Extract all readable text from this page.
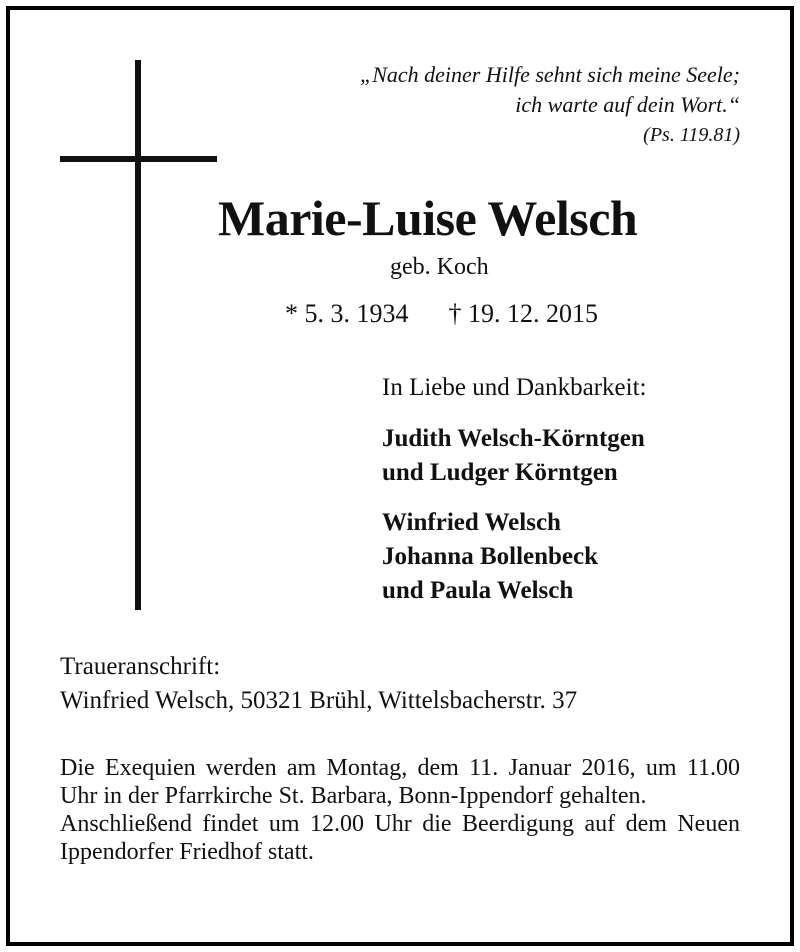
„Nach deiner Hilfe sehnt sich meine Seele;
ich warte auf dein Wort.“
(Ps. 119.81)
Marie-Luise Welsch
geb. Koch
* 5. 3. 1934 † 19. 12. 2015
In Liebe und Dankbarkeit:
Judith Welsch-Körntgen
und Ludger Körntgen
Winfried Welsch
Johanna Bollenbeck
und Paula Welsch
Traueranschrift:
Winfried Welsch, 50321 Brühl, Wittelsbacherstr. 37

Die Exequien werden am Montag, dem 11. Januar 2016, um 11.00 Uhr in der Pfarrkirche St. Barbara, Bonn-Ippendorf gehalten.

Anschließend findet um 12.00 Uhr die Beerdigung auf dem Neuen Ippendorfer Friedhof statt.
